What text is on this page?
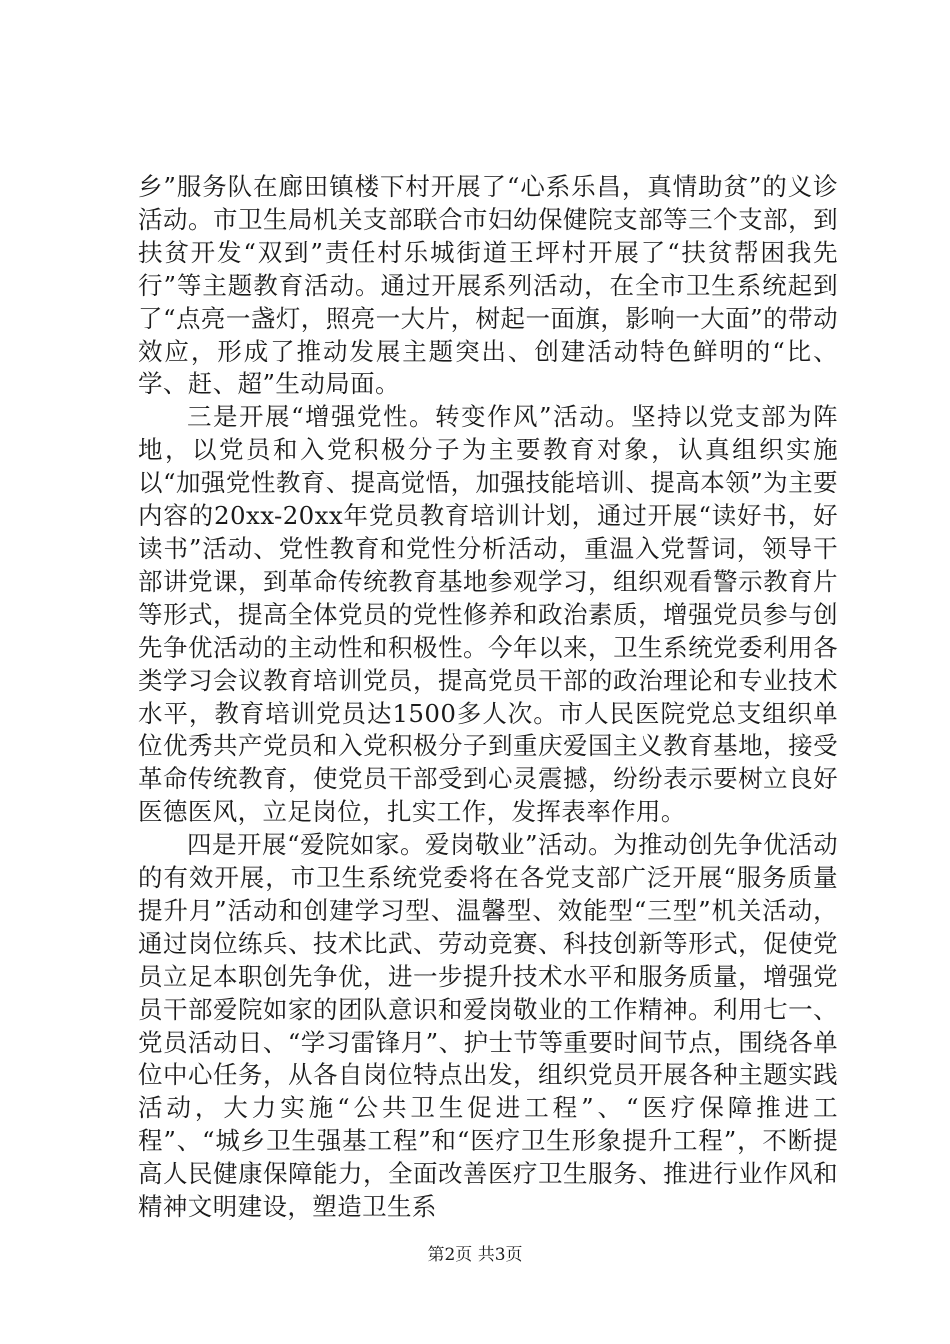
乡”服务队在廊田镇楼下村开展了“心系乐昌，真情助贫”的义诊活动。市卫生局机关支部联合市妇幼保健院支部等三个支部，到扶贫开发“双到”责任村乐城街道王坪村开展了“扶贫帮困我先行”等主题教育活动。通过开展系列活动，在全市卫生系统起到了“点亮一盏灯，照亮一大片，树起一面旗，影响一大面”的带动效应，形成了推动发展主题突出、创建活动特色鲜明的“比、学、赶、超”生动局面。

三是开展“增强党性。转变作风”活动。坚持以党支部为阵地，以党员和入党积极分子为主要教育对象，认真组织实施以“加强党性教育、提高觉悟，加强技能培训、提高本领”为主要内容的20xx-20xx年党员教育培训计划，通过开展“读好书，好读书”活动、党性教育和党性分析活动，重温入党誓词，领导干部讲党课，到革命传统教育基地参观学习，组织观看警示教育片等形式，提高全体党员的党性修养和政治素质，增强党员参与创先争优活动的主动性和积极性。今年以来，卫生系统党委利用各类学习会议教育培训党员，提高党员干部的政治理论和专业技术水平，教育培训党员达1500多人次。市人民医院党总支组织单位优秀共产党员和入党积极分子到重庆爱国主义教育基地，接受革命传统教育，使党员干部受到心灵震撼，纷纷表示要树立良好医德医风，立足岗位，扎实工作，发挥表率作用。

四是开展“爱院如家。爱岗敬业”活动。为推动创先争优活动的有效开展，市卫生系统党委将在各党支部广泛开展“服务质量提升月”活动和创建学习型、温馨型、效能型“三型”机关活动，通过岗位练兵、技术比武、劳动竞赛、科技创新等形式，促使党员立足本职创先争优，进一步提升技术水平和服务质量，增强党员干部爱院如家的团队意识和爱岗敬业的工作精神。利用七一、党员活动日、“学习雷锋月”、护士节等重要时间节点，围绕各单位中心任务，从各自岗位特点出发，组织党员开展各种主题实践活动，大力实施“公共卫生促进工程”、“医疗保障推进工程”、“城乡卫生强基工程”和“医疗卫生形象提升工程”，不断提高人民健康保障能力，全面改善医疗卫生服务、推进行业作风和精神文明建设，塑造卫生系

第2页 共3页
